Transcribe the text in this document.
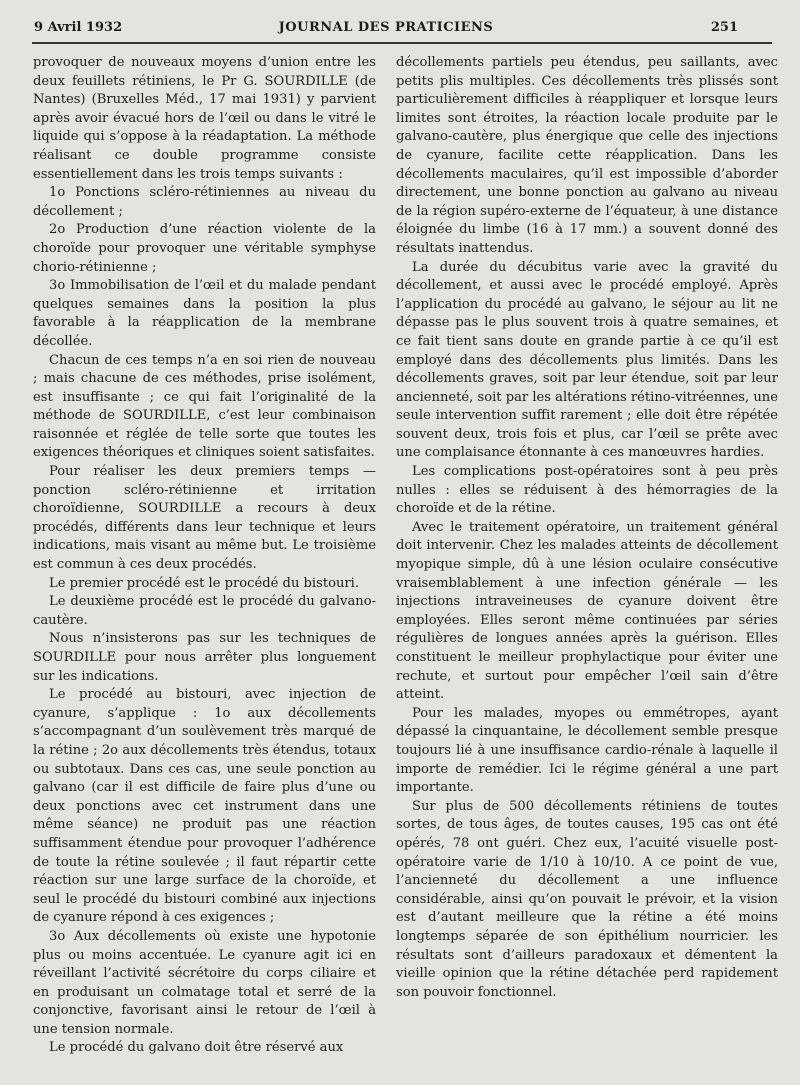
9 Avril 1932	JOURNAL DES PRATICIENS	251

provoquer de nouveaux moyens d’union entre les deux feuillets rétiniens, le Pr G. SOURDILLE (de Nantes) (Bruxelles Méd., 17 mai 1931) y parvient après avoir évacué hors de l’œil ou dans le vitré le liquide qui s’oppose à la réadaptation. La méthode réalisant ce double programme consiste essentiellement dans les trois temps suivants :

1o Ponctions scléro-rétiniennes au niveau du décollement ;

2o Production d’une réaction violente de la choroïde pour provoquer une véritable symphyse chorio-rétinienne ;

3o Immobilisation de l’œil et du malade pendant quelques semaines dans la position la plus favorable à la réapplication de la membrane décollée.

Chacun de ces temps n’a en soi rien de nouveau ; mais chacune de ces méthodes, prise isolément, est insuffisante ; ce qui fait l’originalité de la méthode de SOURDILLE, c’est leur combinaison raisonnée et réglée de telle sorte que toutes les exigences théoriques et cliniques soient satisfaites.

Pour réaliser les deux premiers temps — ponction scléro-rétinienne et irritation choroïdienne, SOURDILLE a recours à deux procédés, différents dans leur technique et leurs indications, mais visant au même but. Le troisième est commun à ces deux procédés.

Le premier procédé est le procédé du bistouri.

Le deuxième procédé est le procédé du galvano-cautère.

Nous n’insisterons pas sur les techniques de SOURDILLE pour nous arrêter plus longuement sur les indications.

Le procédé au bistouri, avec injection de cyanure, s’applique : 1o aux décollements s’accompagnant d’un soulèvement très marqué de la rétine ; 2o aux décollements très étendus, totaux ou subtotaux. Dans ces cas, une seule ponction au galvano (car il est difficile de faire plus d’une ou deux ponctions avec cet instrument dans une même séance) ne produit pas une réaction suffisamment étendue pour provoquer l’adhérence de toute la rétine soulevée ; il faut répartir cette réaction sur une large surface de la choroïde, et seul le procédé du bistouri combiné aux injections de cyanure répond à ces exigences ;

3o Aux décollements où existe une hypotonie plus ou moins accentuée. Le cyanure agit ici en réveillant l’activité sécrétoire du corps ciliaire et en produisant un colmatage total et serré de la conjonctive, favorisant ainsi le retour de l’œil à une tension normale.

Le procédé du galvano doit être réservé aux

décollements partiels peu étendus, peu saillants, avec petits plis multiples. Ces décollements très plissés sont particulièrement difficiles à réappliquer et lorsque leurs limites sont étroites, la réaction locale produite par le galvano-cautère, plus énergique que celle des injections de cyanure, facilite cette réapplication. Dans les décollements maculaires, qu’il est impossible d’aborder directement, une bonne ponction au galvano au niveau de la région supéro-externe de l’équateur, à une distance éloignée du limbe (16 à 17 mm.) a souvent donné des résultats inattendus.

La durée du décubitus varie avec la gravité du décollement, et aussi avec le procédé employé. Après l’application du procédé au galvano, le séjour au lit ne dépasse pas le plus souvent trois à quatre semaines, et ce fait tient sans doute en grande partie à ce qu’il est employé dans des décollements plus limités. Dans les décollements graves, soit par leur étendue, soit par leur ancienneté, soit par les altérations rétino-vitréennes, une seule intervention suffit rarement ; elle doit être répétée souvent deux, trois fois et plus, car l’œil se prête avec une complaisance étonnante à ces manœuvres hardies.

Les complications post-opératoires sont à peu près nulles : elles se réduisent à des hémorragies de la choroïde et de la rétine.

Avec le traitement opératoire, un traitement général doit intervenir. Chez les malades atteints de décollement myopique simple, dû à une lésion oculaire consécutive vraisemblablement à une infection générale — les injections intraveineuses de cyanure doivent être employées. Elles seront même continuées par séries régulières de longues années après la guérison. Elles constituent le meilleur prophylactique pour éviter une rechute, et surtout pour empêcher l’œil sain d’être atteint.

Pour les malades, myopes ou emmétropes, ayant dépassé la cinquantaine, le décollement semble presque toujours lié à une insuffisance cardio-rénale à laquelle il importe de remédier. Ici le régime général a une part importante.

Sur plus de 500 décollements rétiniens de toutes sortes, de tous âges, de toutes causes, 195 cas ont été opérés, 78 ont guéri. Chez eux, l’acuité visuelle post-opératoire varie de 1/10 à 10/10. A ce point de vue, l’ancienneté du décollement a une influence considérable, ainsi qu’on pouvait le prévoir, et la vision est d’autant meilleure que la rétine a été moins longtemps séparée de son épithélium nourricier. les résultats sont d’ailleurs paradoxaux et démentent la vieille opinion que la rétine détachée perd rapidement son pouvoir fonctionnel.
